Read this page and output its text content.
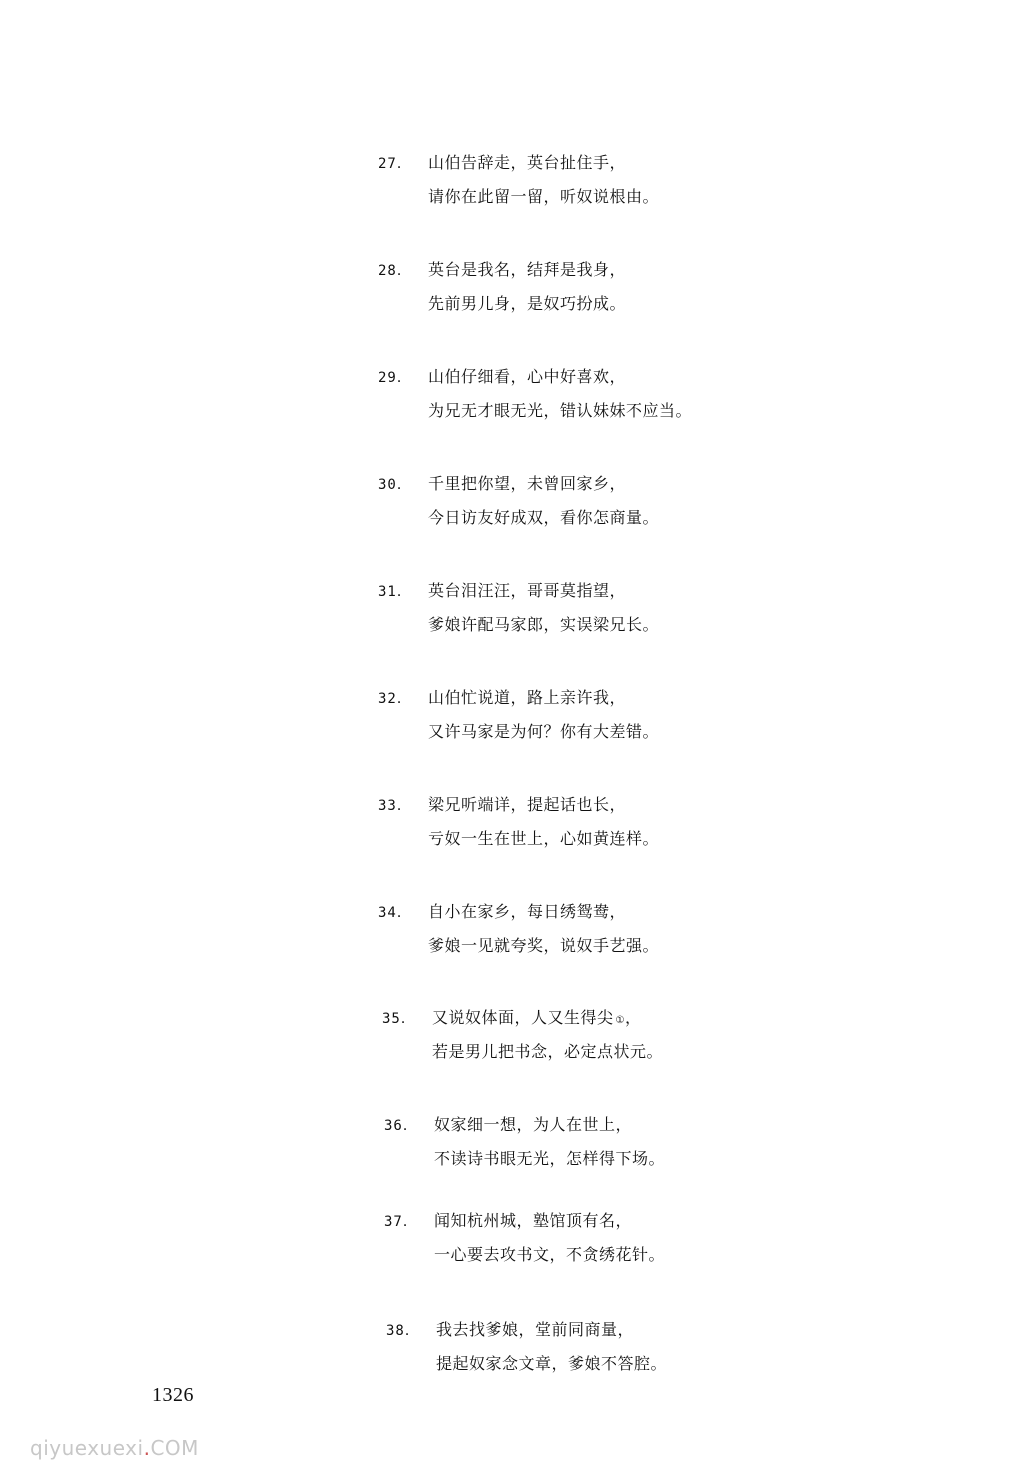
27．	山伯告辞走，英台扯住手，
请你在此留一留，听奴说根由。
28．	英台是我名，结拜是我身，
先前男儿身，是奴巧扮成。
29．	山伯仔细看，心中好喜欢，
为兄无才眼无光，错认妹妹不应当。
30．	千里把你望，未曾回家乡，
今日访友好成双，看你怎商量。
31．	英台泪汪汪，哥哥莫指望，
爹娘许配马家郎，实误梁兄长。
32．	山伯忙说道，路上亲许我，
又许马家是为何？你有大差错。
33．	梁兄听端详，提起话也长，
亏奴一生在世上，心如黄连样。
34．	自小在家乡，每日绣鸳鸯，
爹娘一见就夸奖，说奴手艺强。
35．	又说奴体面，人又生得尖 ① ，
若是男儿把书念，必定点状元。
36．	奴家细一想，为人在世上，
不读诗书眼无光，怎样得下场。
37．	闻知杭州城，塾馆顶有名，
一心要去攻书文，不贪绣花针。
38．	我去找爹娘，堂前同商量，
提起奴家念文章，爹娘不答腔。
1326
qiyuexuexi.COM
